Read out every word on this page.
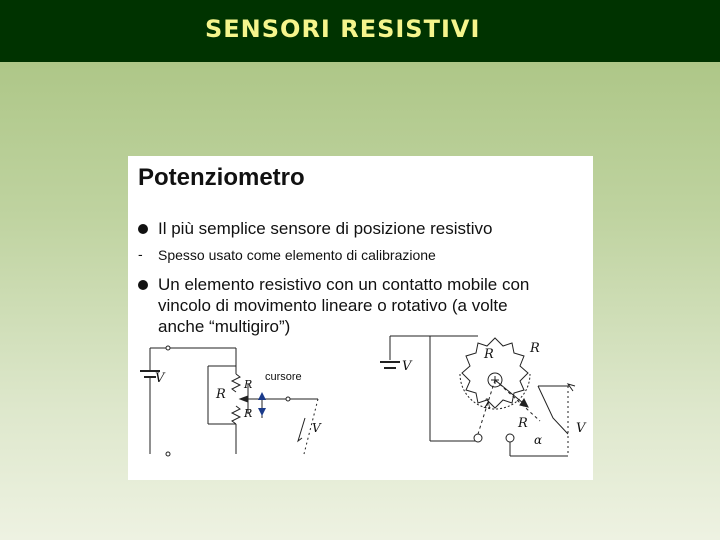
SENSORI RESISTIVI
Potenziometro
Il più semplice sensore di posizione resistivo
- Spesso usato come elemento di calibrazione
Un elemento resistivo con un contatto mobile con
vincolo di movimento lineare o rotativo (a volte
anche “multigiro”)
V
R
R
R
cursore
V
V
R	R
R
λ
α
V
